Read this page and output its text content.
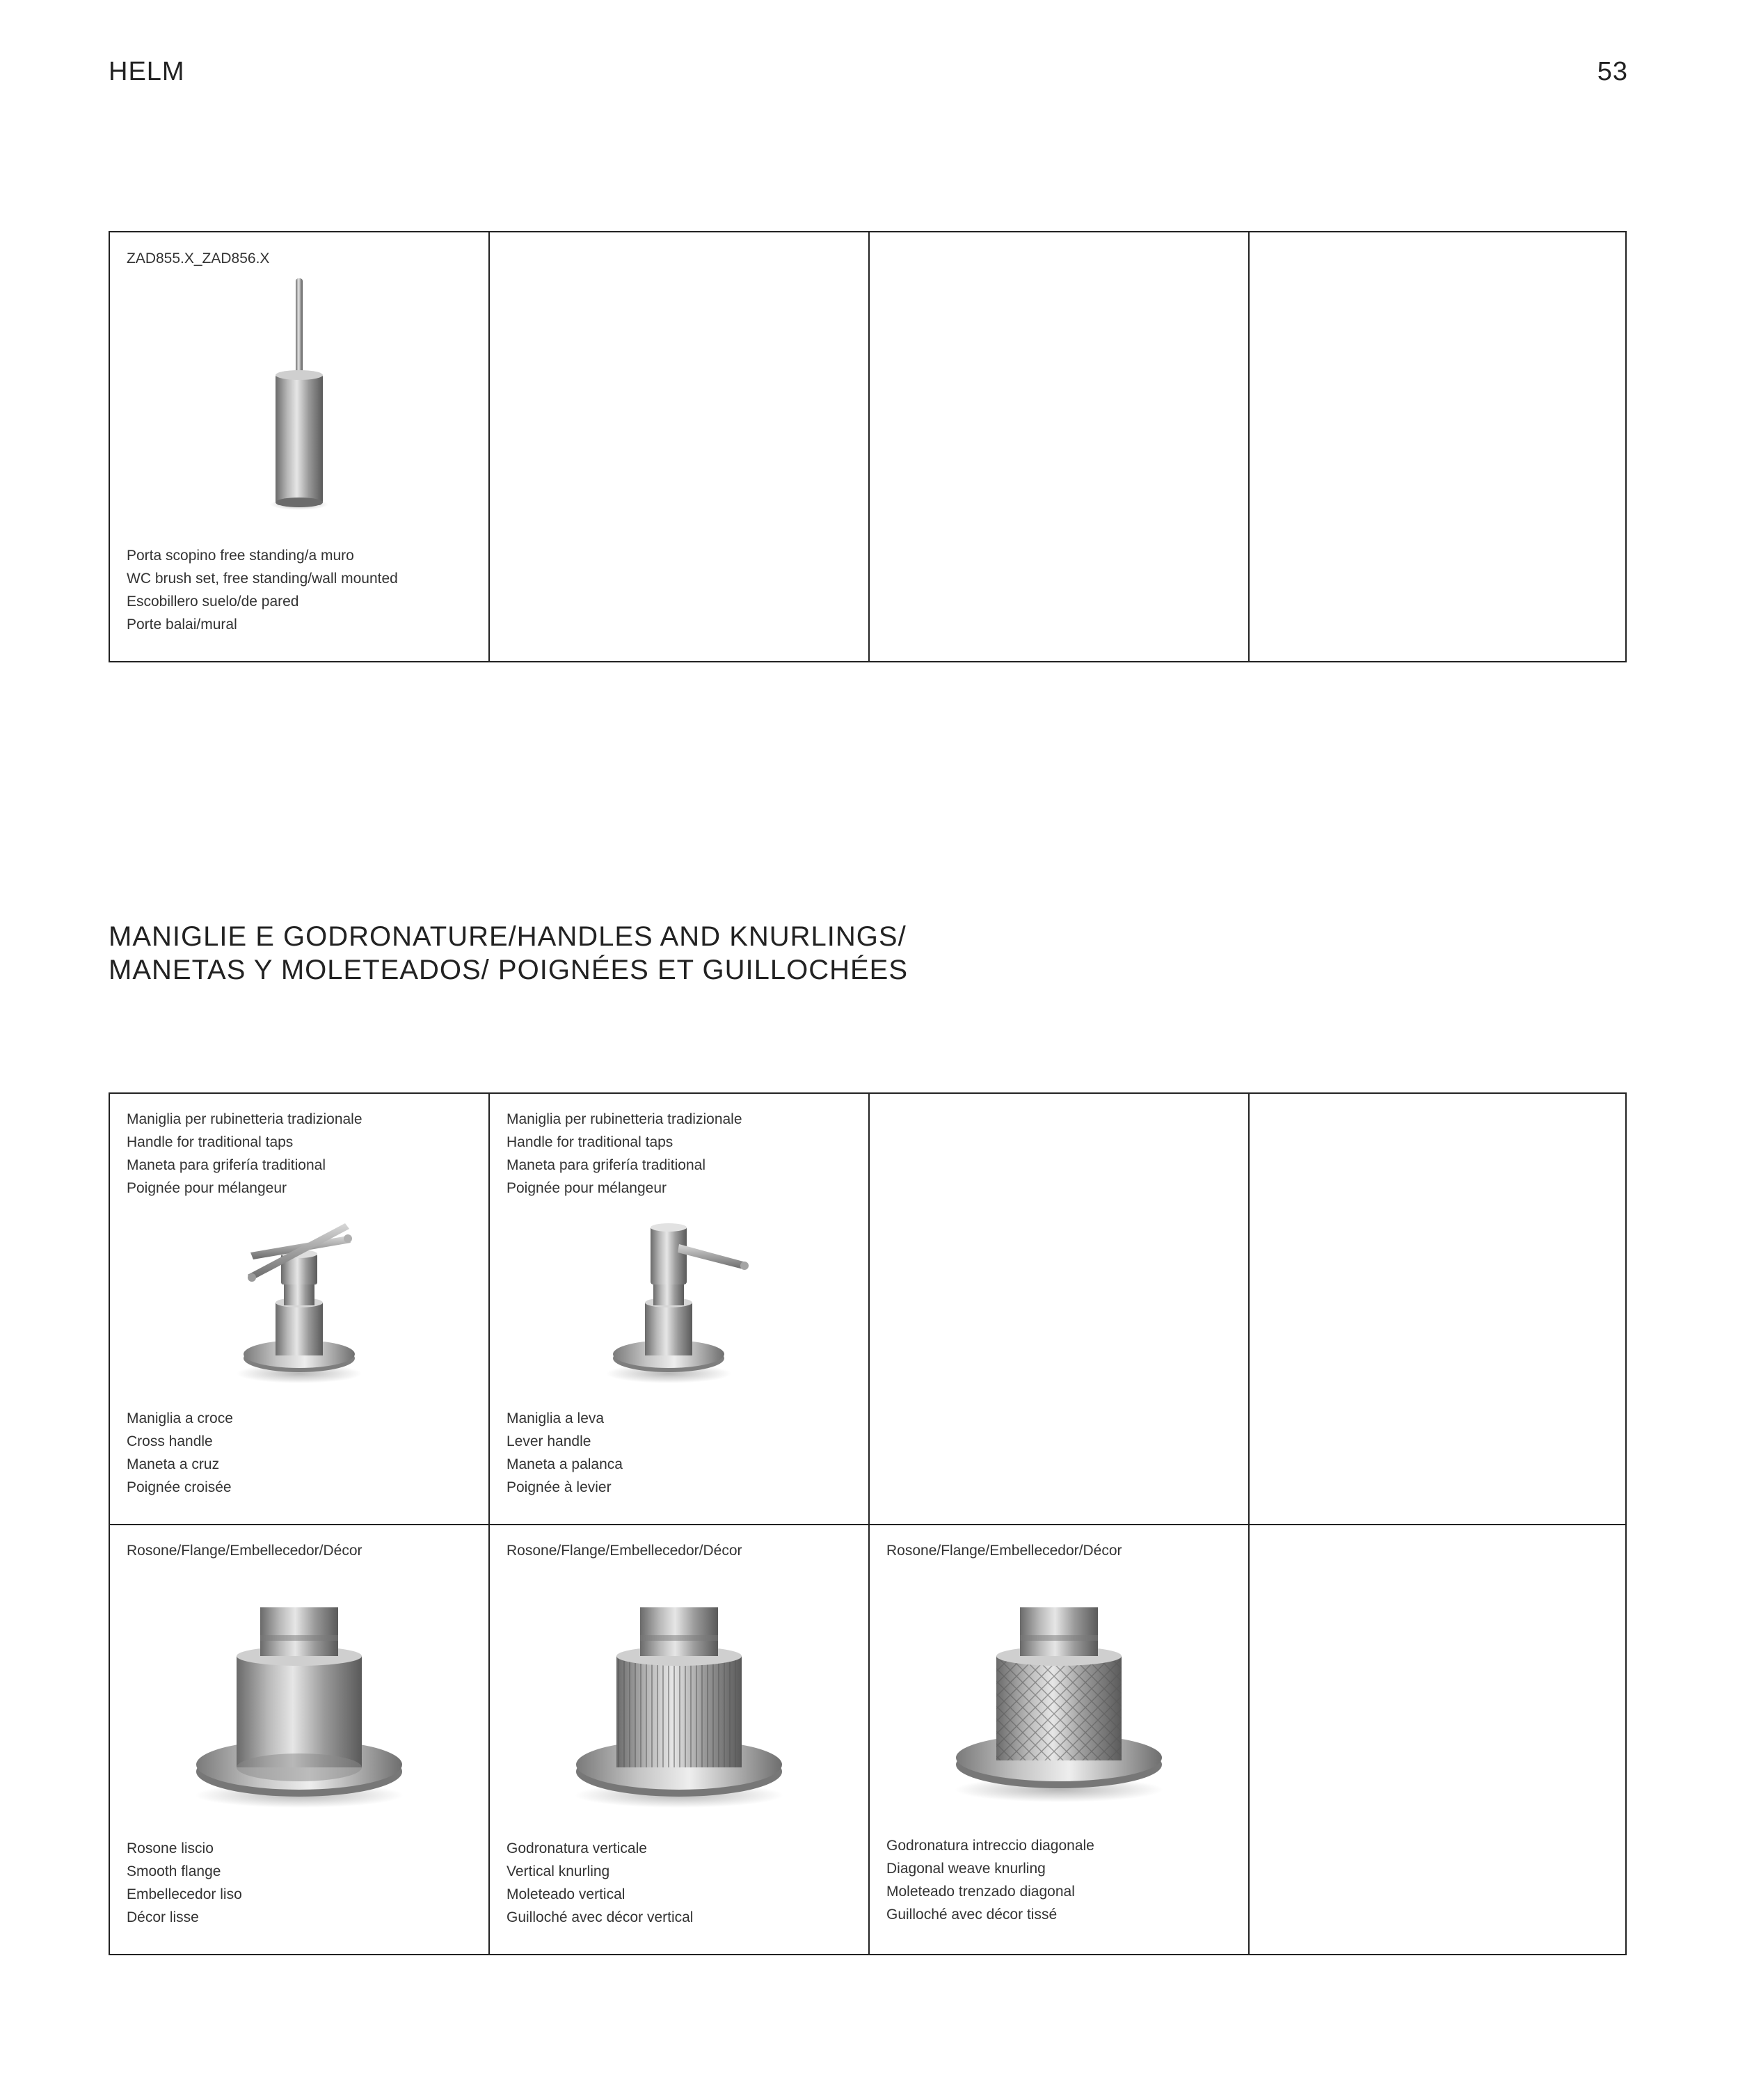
HELM	53
ZAD855.X_ZAD856.X
Porta scopino free standing/a muro
WC brush set, free standing/wall mounted
Escobillero suelo/de pared
Porte balai/mural
MANIGLIE E GODRONATURE/HANDLES AND KNURLINGS/
MANETAS Y MOLETEADOS/ POIGNÉES ET GUILLOCHÉES
Maniglia per rubinetteria tradizionale
Handle for traditional taps
Maneta para grifería traditional
Poignée pour mélangeur
Maniglia a croce
Cross handle
Maneta a cruz
Poignée croisée
Maniglia per rubinetteria tradizionale
Handle for traditional taps
Maneta para grifería traditional
Poignée pour mélangeur
Maniglia a leva
Lever handle
Maneta a palanca
Poignée à levier
Rosone/Flange/Embellecedor/Décor
Rosone liscio
Smooth flange
Embellecedor liso
Décor lisse
Rosone/Flange/Embellecedor/Décor
Godronatura verticale
Vertical knurling
Moleteado vertical
Guilloché avec décor vertical
Rosone/Flange/Embellecedor/Décor
Godronatura intreccio diagonale
Diagonal weave knurling
Moleteado trenzado diagonal
Guilloché avec décor tissé
